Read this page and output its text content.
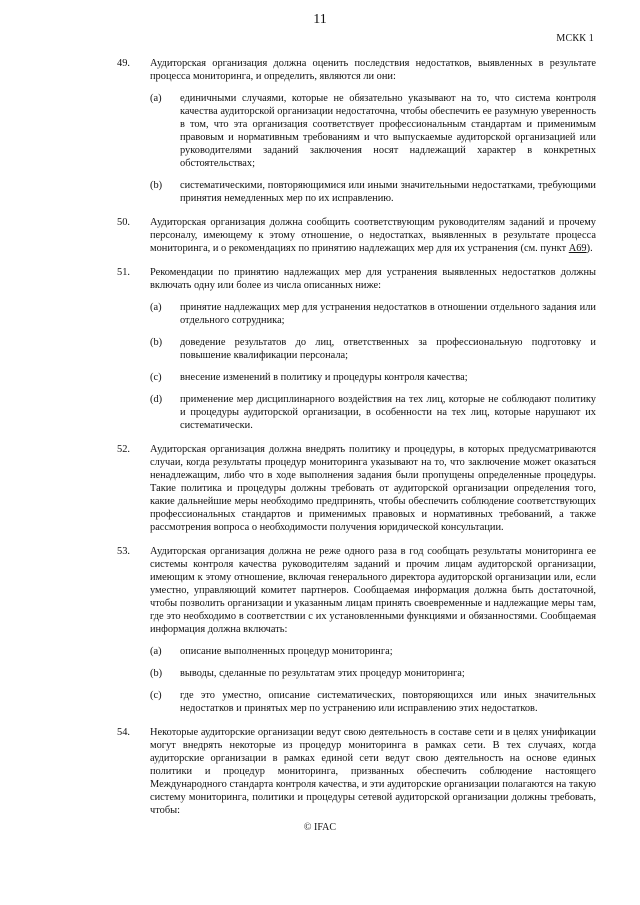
11
МСКК 1
49. Аудиторская организация должна оценить последствия недостатков, выявленных в результате процесса мониторинга, и определить, являются ли они:
(a) единичными случаями, которые не обязательно указывают на то, что система контроля качества аудиторской организации недостаточна, чтобы обеспечить ее разумную уверенность в том, что эта организация соответствует профессиональным стандартам и применимым правовым и нормативным требованиям и что выпускаемые аудиторской организацией или руководителями заданий заключения носят надлежащий характер в конкретных обстоятельствах;
(b) систематическими, повторяющимися или иными значительными недостатками, требующими принятия немедленных мер по их исправлению.
50. Аудиторская организация должна сообщить соответствующим руководителям заданий и прочему персоналу, имеющему к этому отношение, о недостатках, выявленных в результате процесса мониторинга, и о рекомендациях по принятию надлежащих мер для их устранения (см. пункт A69).
51. Рекомендации по принятию надлежащих мер для устранения выявленных недостатков должны включать одну или более из числа описанных ниже:
(a) принятие надлежащих мер для устранения недостатков в отношении отдельного задания или отдельного сотрудника;
(b) доведение результатов до лиц, ответственных за профессиональную подготовку и повышение квалификации персонала;
(c) внесение изменений в политику и процедуры контроля качества;
(d) применение мер дисциплинарного воздействия на тех лиц, которые не соблюдают политику и процедуры аудиторской организации, в особенности на тех лиц, которые нарушают их систематически.
52. Аудиторская организация должна внедрять политику и процедуры, в которых предусматриваются случаи, когда результаты процедур мониторинга указывают на то, что заключение может оказаться ненадлежащим, либо что в ходе выполнения задания были пропущены определенные процедуры. Такие политика и процедуры должны требовать от аудиторской организации определения того, какие дальнейшие меры необходимо предпринять, чтобы обеспечить соблюдение соответствующих профессиональных стандартов и применимых правовых и нормативных требований, а также рассмотрения вопроса о необходимости получения юридической консультации.
53. Аудиторская организация должна не реже одного раза в год сообщать результаты мониторинга ее системы контроля качества руководителям заданий и прочим лицам аудиторской организации, имеющим к этому отношение, включая генерального директора аудиторской организации или, если уместно, управляющий комитет партнеров. Сообщаемая информация должна быть достаточной, чтобы позволить организации и указанным лицам принять своевременные и надлежащие меры там, где это необходимо в соответствии с их установленными функциями и обязанностями. Сообщаемая информация должна включать:
(a) описание выполненных процедур мониторинга;
(b) выводы, сделанные по результатам этих процедур мониторинга;
(c) где это уместно, описание систематических, повторяющихся или иных значительных недостатков и принятых мер по устранению или исправлению этих недостатков.
54. Некоторые аудиторские организации ведут свою деятельность в составе сети и в целях унификации могут внедрять некоторые из процедур мониторинга в рамках сети. В тех случаях, когда аудиторские организации в рамках единой сети ведут свою деятельность на основе единых политики и процедур мониторинга, призванных обеспечить соблюдение настоящего Международного стандарта контроля качества, и эти аудиторские организации полагаются на такую систему мониторинга, политики и процедуры сетевой аудиторской организации должны требовать, чтобы:
© IFAC
